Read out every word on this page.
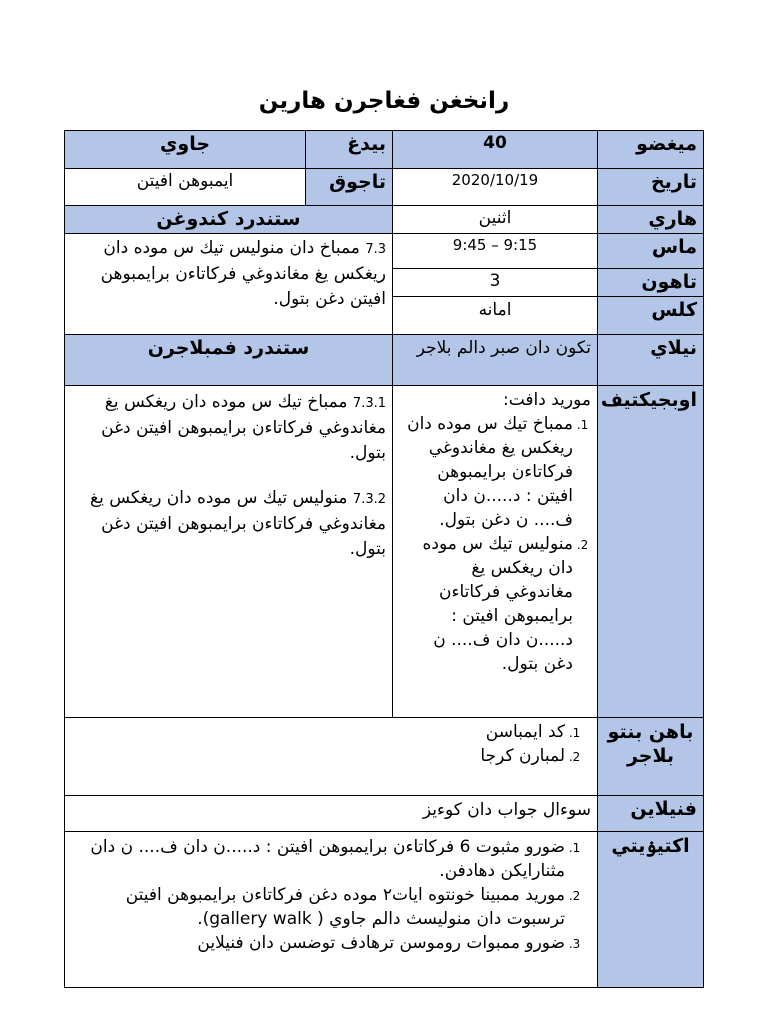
رانخغن فغاجرن هارين
ميغضو
40
بيدغ
جاوي
تاريخ
2020/10/19
تاجوق
ايمبوهن افيتن
هاري
اثنين
ستندرد كندوغن
ماس
9:15 – 9:45
تاهون
3
كلس
امانه
7.3 ممباخ دان منوليس تيك س موده دان ريغكس يغ مغاندوغي فركاتاءن برايمبوهن افيتن دغن بتول.
نيلاي
تكون دان صبر دالم بلاجر
ستندرد فمبلاجرن
اوبجيكتيف

موريد دافت:

1. ممباخ تيك س موده دان ريغكس يغ مغاندوغي فركاتاءن برايمبوهن افيتن : د.....ن دان ف.... ن دغن بتول.
2. منوليس تيك س موده دان ريغكس يغ مغاندوغي فركاتاءن برايمبوهن افيتن : د.....ن دان ف.... ن دغن بتول.

7.3.1 ممباخ تيك س موده دان ريغكس يغ مغاندوغي فركاتاءن برايمبوهن افيتن دغن بتول.

7.3.2 منوليس تيك س موده دان ريغكس يغ مغاندوغي فركاتاءن برايمبوهن افيتن دغن بتول.

باهن بنتو بلاجر
1. كد ايمباسن
2. لمبارن كرجا
فنيلاين
سوءال جواب دان كوءيز
اكتيۏيتي
1. ضورو مثبوت 6 فركاتاءن برايمبوهن افيتن : د.....ن دان ف.... ن دان مثنارايكن دهادفن.
2. موريد ممبينا خونتوه ايات٢ موده دغن فركاتاءن برايمبوهن افيتن ترسبوت دان منوليسث دالم جاوي ( gallery walk).
3. ضورو ممبوات روموسن ترهادف توضسن دان فنيلاين
